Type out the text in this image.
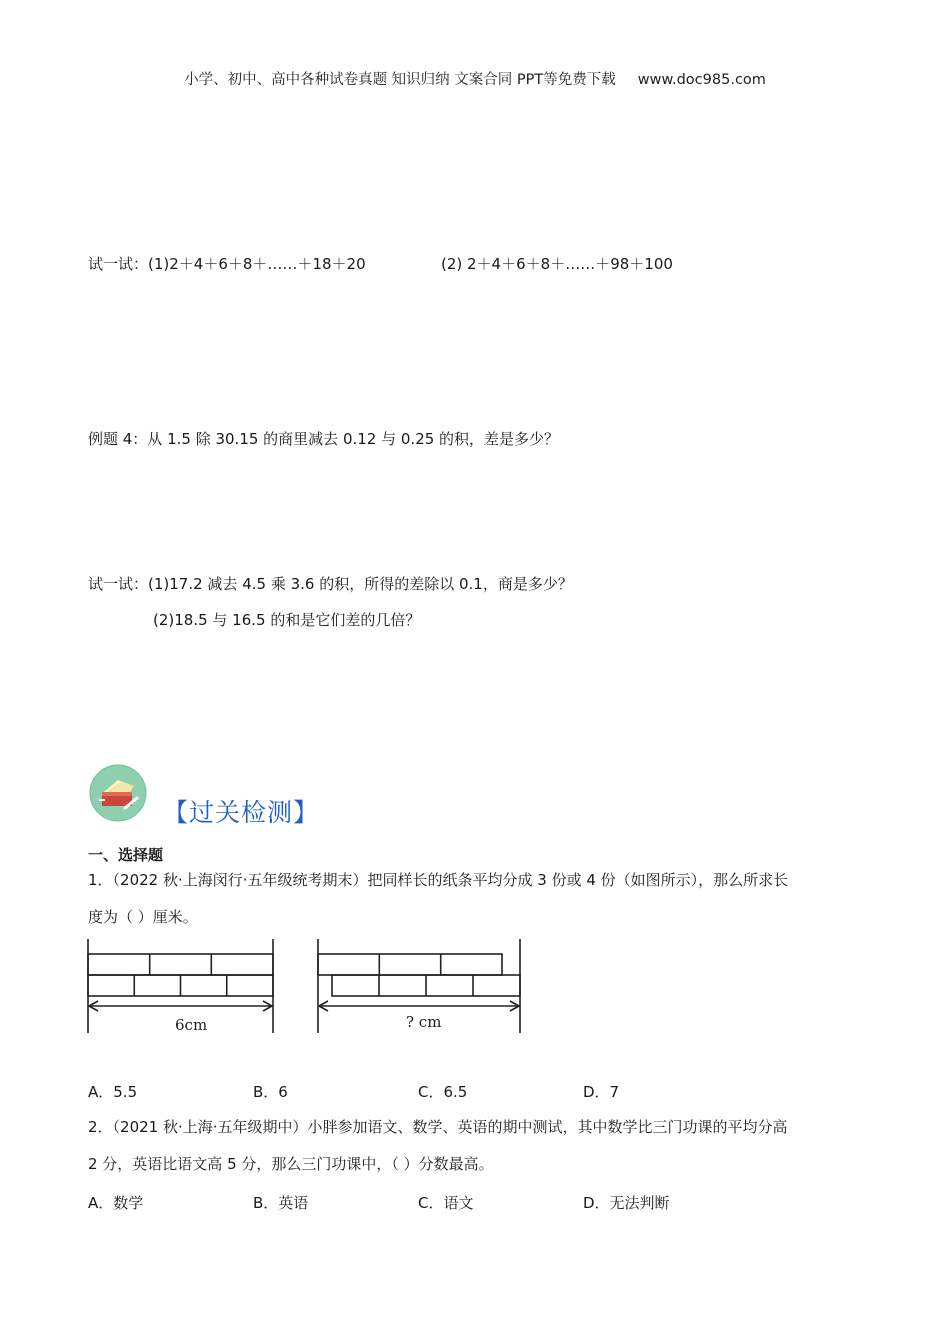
小学、初中、高中各种试卷真题 知识归纳 文案合同 PPT等免费下载 www.doc985.com
试一试：(1)2＋4＋6＋8＋……＋18＋20	(2) 2＋4＋6＋8＋……＋98＋100
例题 4：从 1.5 除 30.15 的商里减去 0.12 与 0.25 的积，差是多少？
试一试：(1)17.2 减去 4.5 乘 3.6 的积，所得的差除以 0.1，商是多少？
(2)18.5 与 16.5 的和是它们差的几倍？
【过关检测】
一、选择题
1．（2022 秋·上海闵行·五年级统考期末）把同样长的纸条平均分成 3 份或 4 份（如图所示），那么所求长
度为（ ）厘米。
6cm	? cm
A．5.5	B．6	C．6.5	D．7
2．（2021 秋·上海·五年级期中）小胖参加语文、数学、英语的期中测试，其中数学比三门功课的平均分高
2 分，英语比语文高 5 分，那么三门功课中，（ ）分数最高。
A．数学	B．英语	C．语文	D．无法判断
